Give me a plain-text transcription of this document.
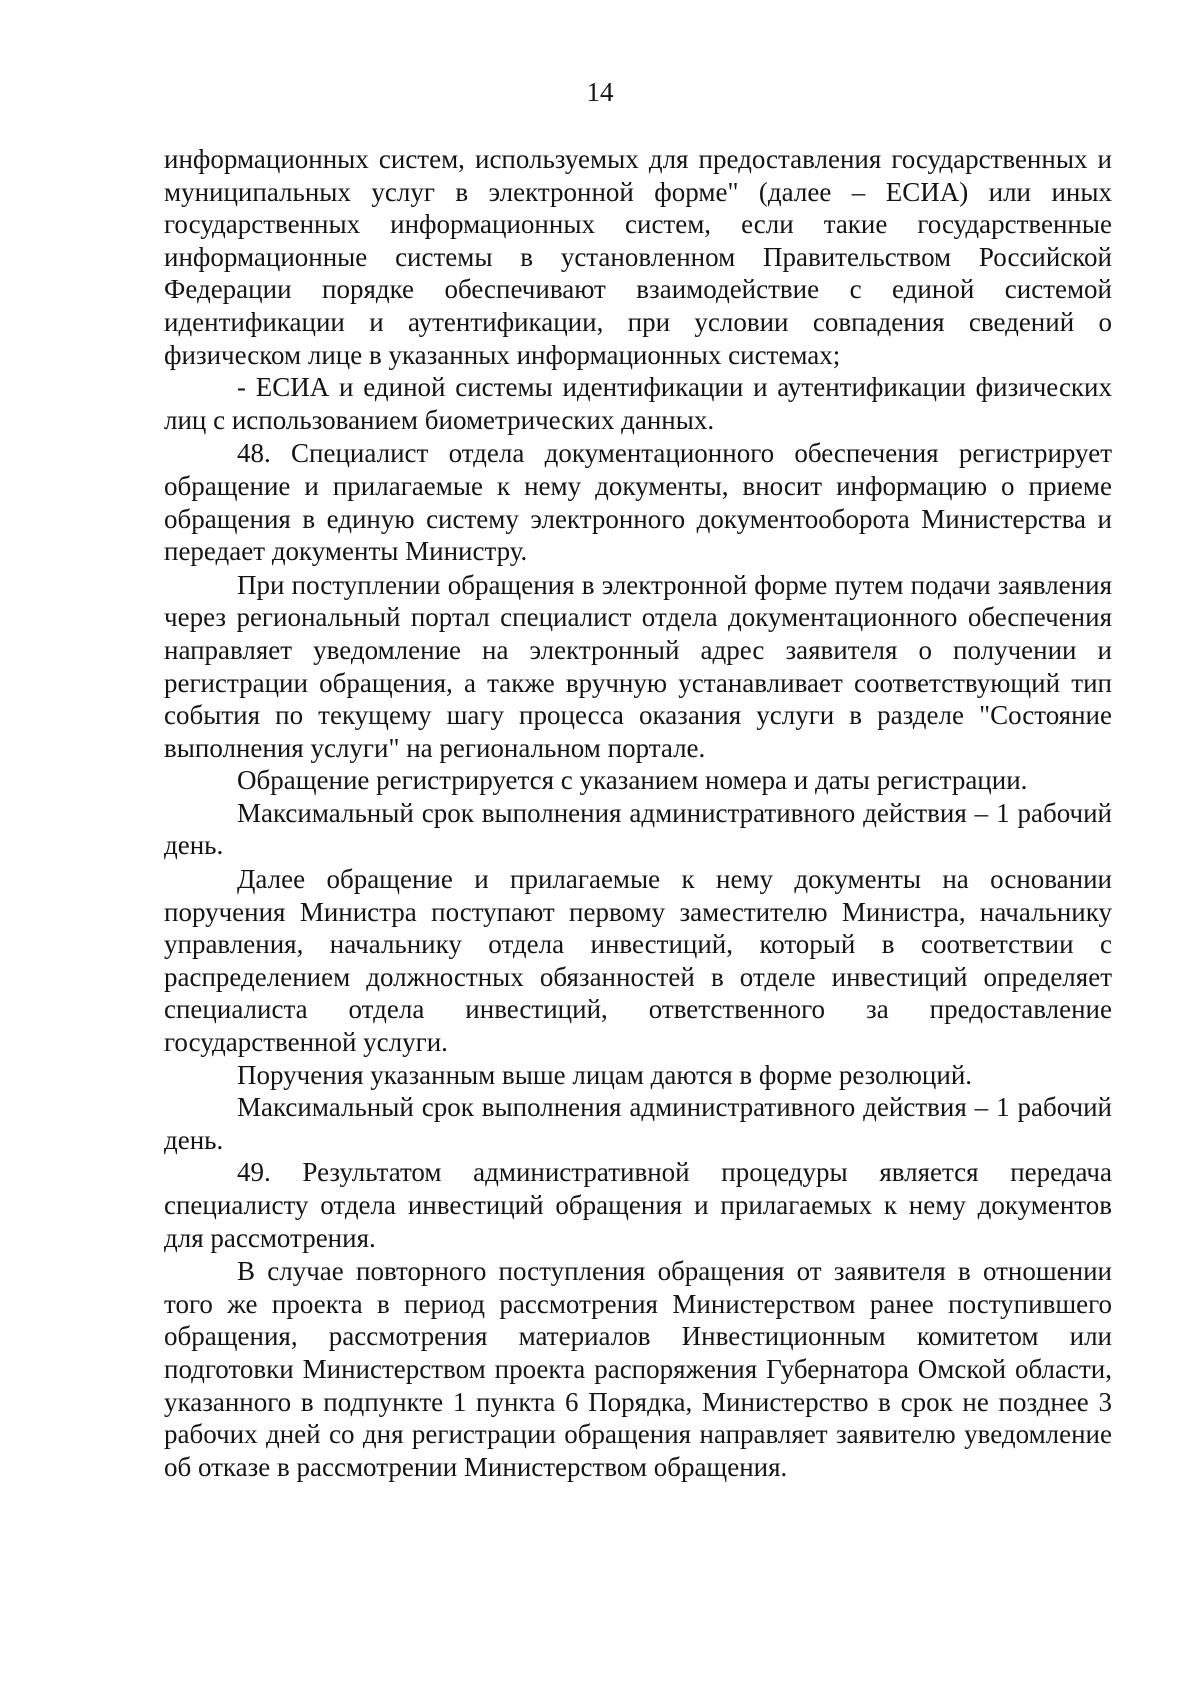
14

информационных систем, используемых для предоставления государственных и муниципальных услуг в электронной форме" (далее – ЕСИА) или иных государственных информационных систем, если такие государственные информационные системы в установленном Правительством Российской Федерации порядке обеспечивают взаимодействие с единой системой идентификации и аутентификации, при условии совпадения сведений о физическом лице в указанных информационных системах;

- ЕСИА и единой системы идентификации и аутентификации физических лиц с использованием биометрических данных.

48. Специалист отдела документационного обеспечения регистрирует обращение и прилагаемые к нему документы, вносит информацию о приеме обращения в единую систему электронного документооборота Министерства и передает документы Министру.

При поступлении обращения в электронной форме путем подачи заявления через региональный портал специалист отдела документационного обеспечения направляет уведомление на электронный адрес заявителя о получении и регистрации обращения, а также вручную устанавливает соответствующий тип события по текущему шагу процесса оказания услуги в разделе "Состояние выполнения услуги" на региональном портале.

Обращение регистрируется с указанием номера и даты регистрации.

Максимальный срок выполнения административного действия – 1 рабочий день.

Далее обращение и прилагаемые к нему документы на основании поручения Министра поступают первому заместителю Министра, начальнику управления, начальнику отдела инвестиций, который в соответствии с распределением должностных обязанностей в отделе инвестиций определяет специалиста отдела инвестиций, ответственного за предоставление государственной услуги.

Поручения указанным выше лицам даются в форме резолюций.

Максимальный срок выполнения административного действия – 1 рабочий день.

49. Результатом административной процедуры является передача специалисту отдела инвестиций обращения и прилагаемых к нему документов для рассмотрения.

В случае повторного поступления обращения от заявителя в отношении того же проекта в период рассмотрения Министерством ранее поступившего обращения, рассмотрения материалов Инвестиционным комитетом или подготовки Министерством проекта распоряжения Губернатора Омской области, указанного в подпункте 1 пункта 6 Порядка, Министерство в срок не позднее 3 рабочих дней со дня регистрации обращения направляет заявителю уведомление об отказе в рассмотрении Министерством обращения.
